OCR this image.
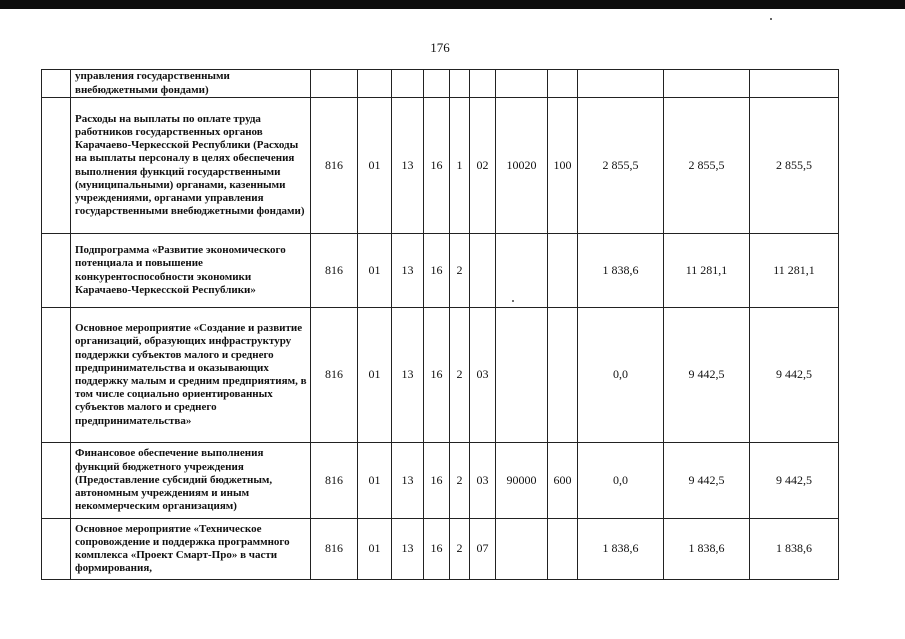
176
	управления государственными внебюджетными фондами)											
	Расходы на выплаты по оплате труда работников государственных органов Карачаево-Черкесской Республики (Расходы на выплаты персоналу в целях обеспечения выполнения функций государственными (муниципальными) органами, казенными учреждениями, органами управления государственными внебюджетными фондами)	816	01	13	16	1	02	10020	100	2 855,5	2 855,5	2 855,5
	Подпрограмма «Развитие экономического потенциала и повышение конкурентоспособности экономики Карачаево-Черкесской Республики»	816	01	13	16	2				1 838,6	11 281,1	11 281,1
	Основное мероприятие «Создание и развитие организаций, образующих инфраструктуру поддержки субъектов малого и среднего предпринимательства и оказывающих поддержку малым и средним предприятиям, в том числе социально ориентированных субъектов малого и среднего предпринимательства»	816	01	13	16	2	03			0,0	9 442,5	9 442,5
	Финансовое обеспечение выполнения функций бюджетного учреждения (Предоставление субсидий бюджетным, автономным учреждениям и иным некоммерческим организациям)	816	01	13	16	2	03	90000	600	0,0	9 442,5	9 442,5
	Основное мероприятие «Техническое сопровождение и поддержка программного комплекса «Проект Смарт-Про» в части формирования,	816	01	13	16	2	07			1 838,6	1 838,6	1 838,6
